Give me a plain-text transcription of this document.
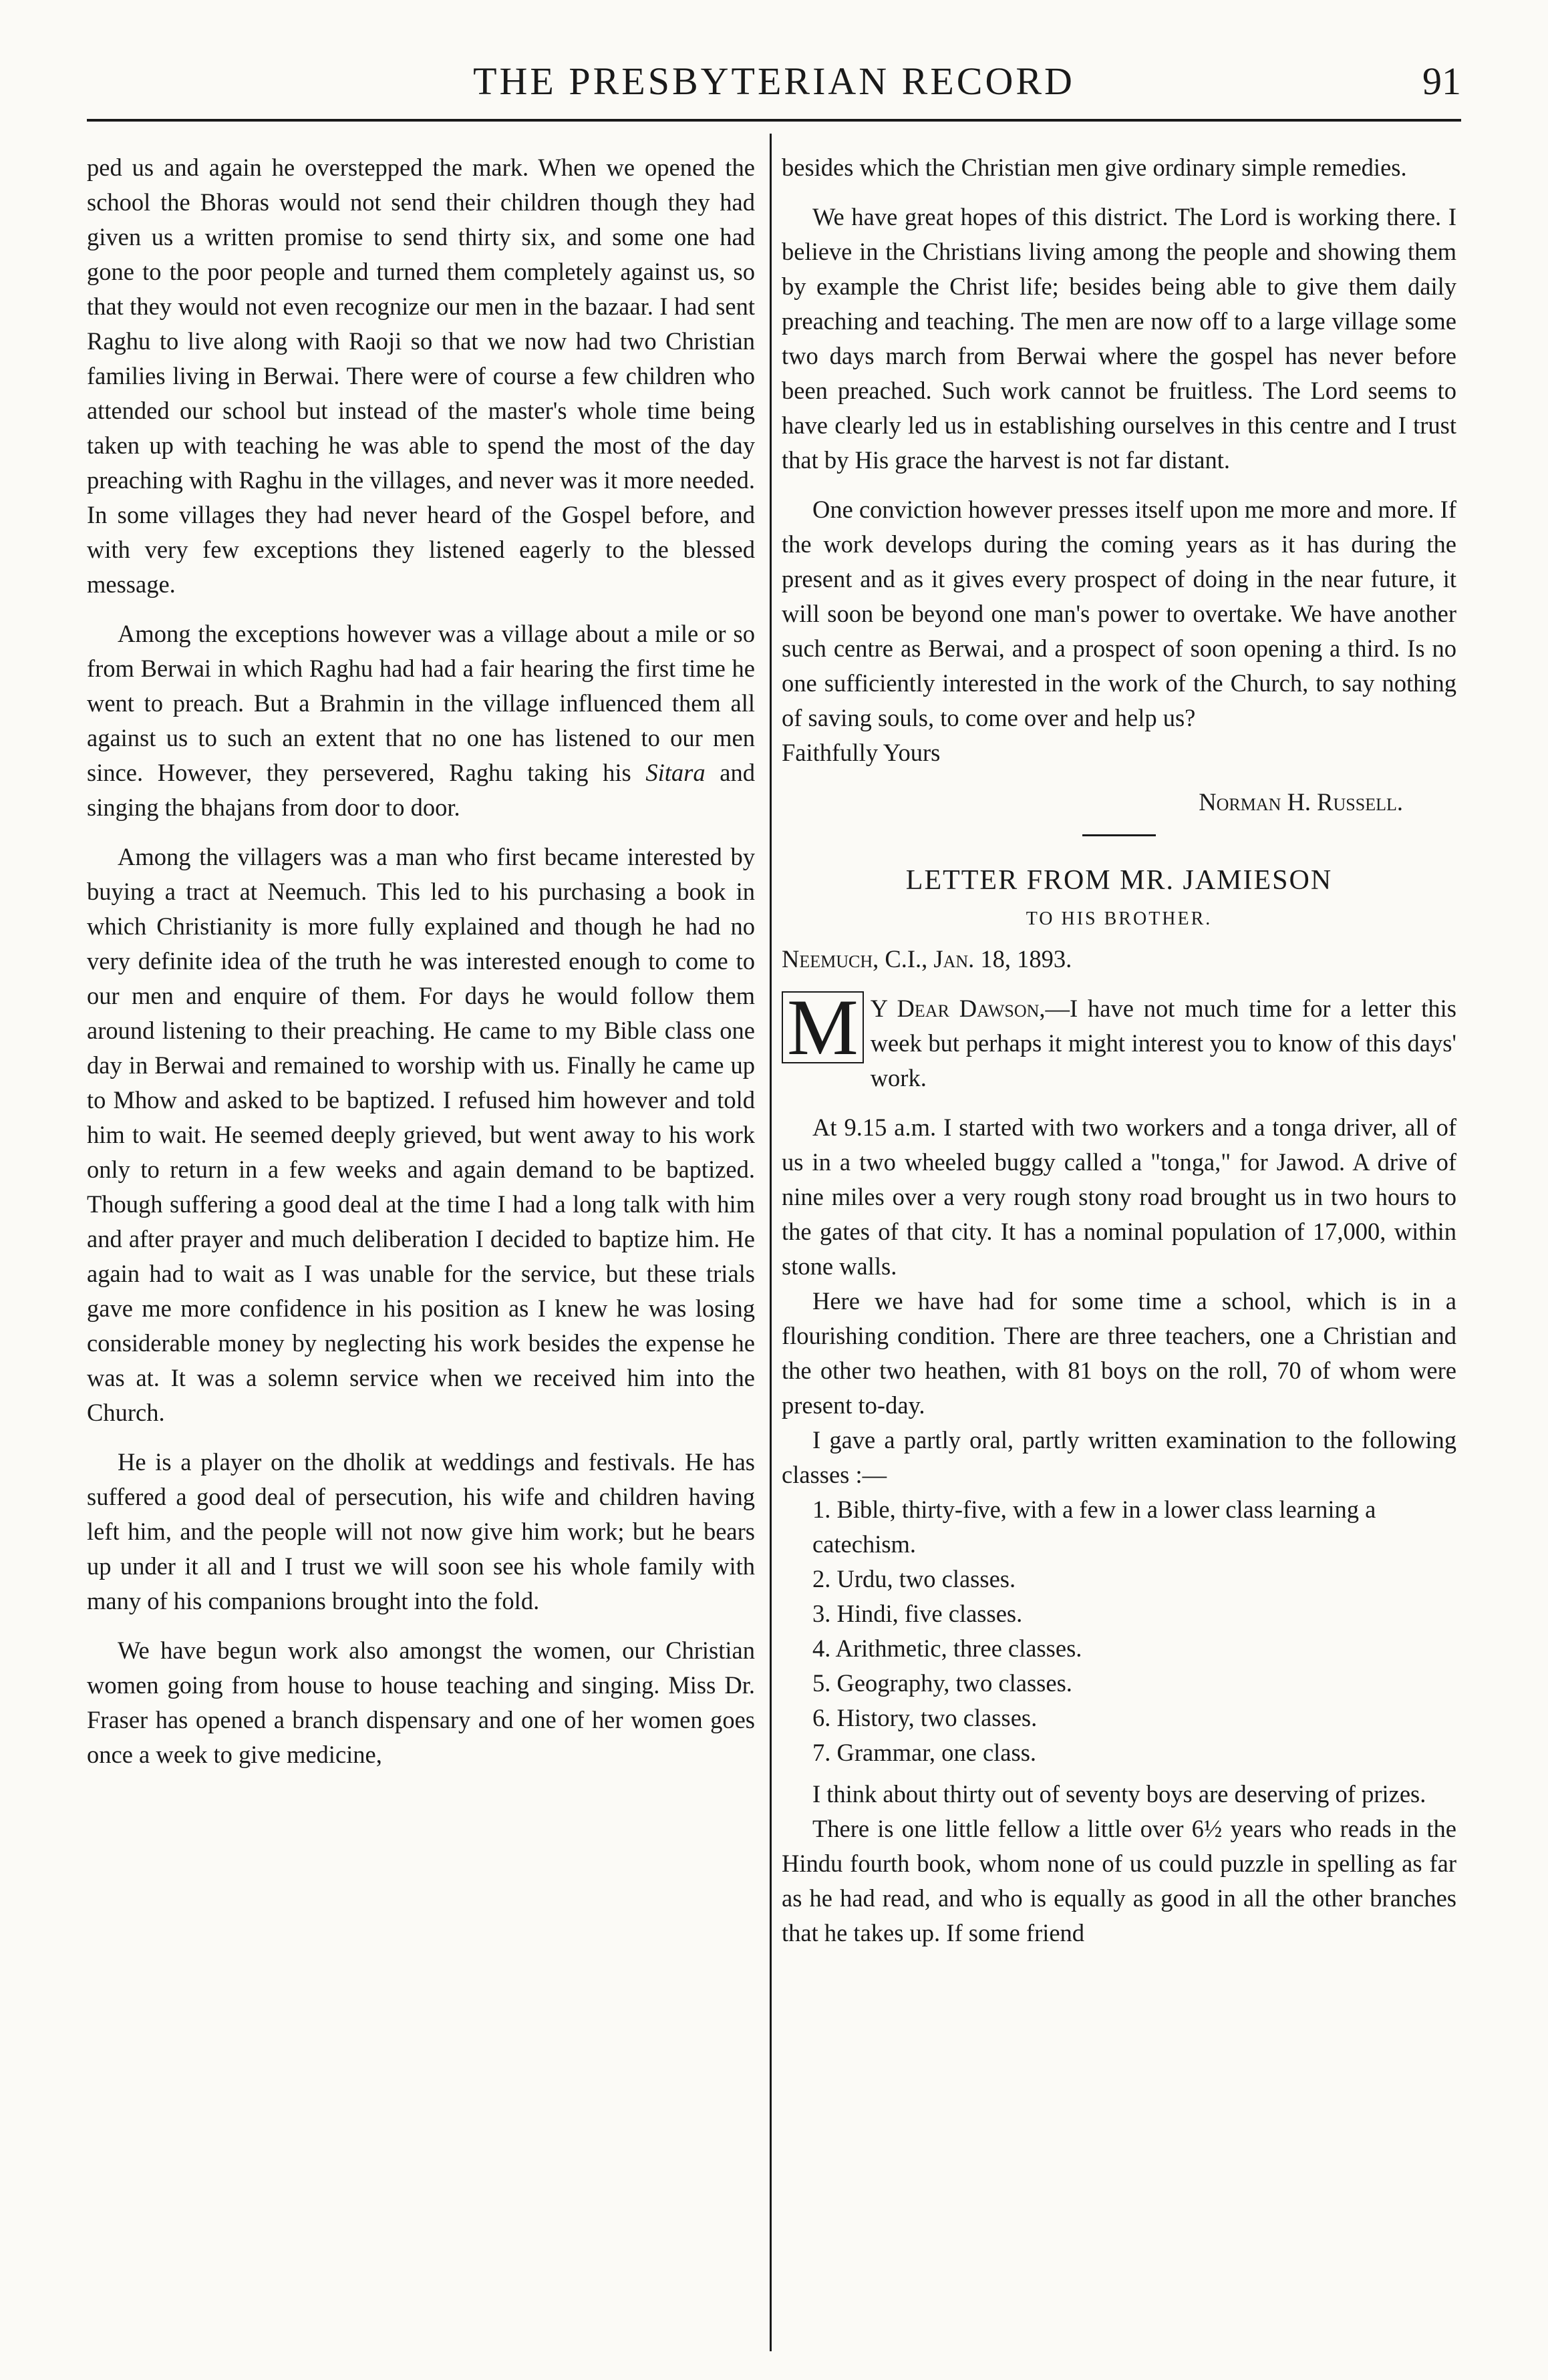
THE PRESBYTERIAN RECORD	91

ped us and again he overstepped the mark. When we opened the school the Bhoras would not send their children though they had given us a written promise to send thirty six, and some one had gone to the poor people and turned them completely against us, so that they would not even recognize our men in the bazaar. I had sent Raghu to live along with Raoji so that we now had two Christian families living in Berwai. There were of course a few children who attended our school but instead of the master's whole time being taken up with teaching he was able to spend the most of the day preaching with Raghu in the villages, and never was it more needed. In some villages they had never heard of the Gospel before, and with very few exceptions they listened eagerly to the blessed message.

Among the exceptions however was a village about a mile or so from Berwai in which Raghu had had a fair hearing the first time he went to preach. But a Brahmin in the village influenced them all against us to such an extent that no one has listened to our men since. However, they persevered, Raghu taking his Sitara and singing the bhajans from door to door.

Among the villagers was a man who first became interested by buying a tract at Neemuch. This led to his purchasing a book in which Christianity is more fully explained and though he had no very definite idea of the truth he was interested enough to come to our men and enquire of them. For days he would follow them around listening to their preaching. He came to my Bible class one day in Berwai and remained to worship with us. Finally he came up to Mhow and asked to be baptized. I refused him however and told him to wait. He seemed deeply grieved, but went away to his work only to return in a few weeks and again demand to be baptized. Though suffering a good deal at the time I had a long talk with him and after prayer and much deliberation I decided to baptize him. He again had to wait as I was unable for the service, but these trials gave me more confidence in his position as I knew he was losing considerable money by neglecting his work besides the expense he was at. It was a solemn service when we received him into the Church.

He is a player on the dholik at weddings and festivals. He has suffered a good deal of persecution, his wife and children having left him, and the people will not now give him work; but he bears up under it all and I trust we will soon see his whole family with many of his companions brought into the fold.

We have begun work also amongst the women, our Christian women going from house to house teaching and singing. Miss Dr. Fraser has opened a branch dispensary and one of her women goes once a week to give medicine,

besides which the Christian men give ordinary simple remedies.

We have great hopes of this district. The Lord is working there. I believe in the Christians living among the people and showing them by example the Christ life; besides being able to give them daily preaching and teaching. The men are now off to a large village some two days march from Berwai where the gospel has never before been preached. Such work cannot be fruitless. The Lord seems to have clearly led us in establishing ourselves in this centre and I trust that by His grace the harvest is not far distant.

One conviction however presses itself upon me more and more. If the work develops during the coming years as it has during the present and as it gives every prospect of doing in the near future, it will soon be beyond one man's power to overtake. We have another such centre as Berwai, and a prospect of soon opening a third. Is no one sufficiently interested in the work of the Church, to say nothing of saving souls, to come over and help us?

Faithfully Yours

Norman H. Russell.

LETTER FROM MR. JAMIESON
TO HIS BROTHER.

Neemuch, C.I., Jan. 18, 1893.

M Y Dear Dawson,—I have not much time for a letter this week but perhaps it might interest you to know of this days' work.

At 9.15 a.m. I started with two workers and a tonga driver, all of us in a two wheeled buggy called a "tonga," for Jawod. A drive of nine miles over a very rough stony road brought us in two hours to the gates of that city. It has a nominal population of 17,000, within stone walls.

Here we have had for some time a school, which is in a flourishing condition. There are three teachers, one a Christian and the other two heathen, with 81 boys on the roll, 70 of whom were present to-day.

I gave a partly oral, partly written examination to the following classes :—

1. Bible, thirty-five, with a few in a lower class learning a catechism.
2. Urdu, two classes.
3. Hindi, five classes.
4. Arithmetic, three classes.
5. Geography, two classes.
6. History, two classes.
7. Grammar, one class.

I think about thirty out of seventy boys are deserving of prizes.

There is one little fellow a little over 6½ years who reads in the Hindu fourth book, whom none of us could puzzle in spelling as far as he had read, and who is equally as good in all the other branches that he takes up. If some friend
